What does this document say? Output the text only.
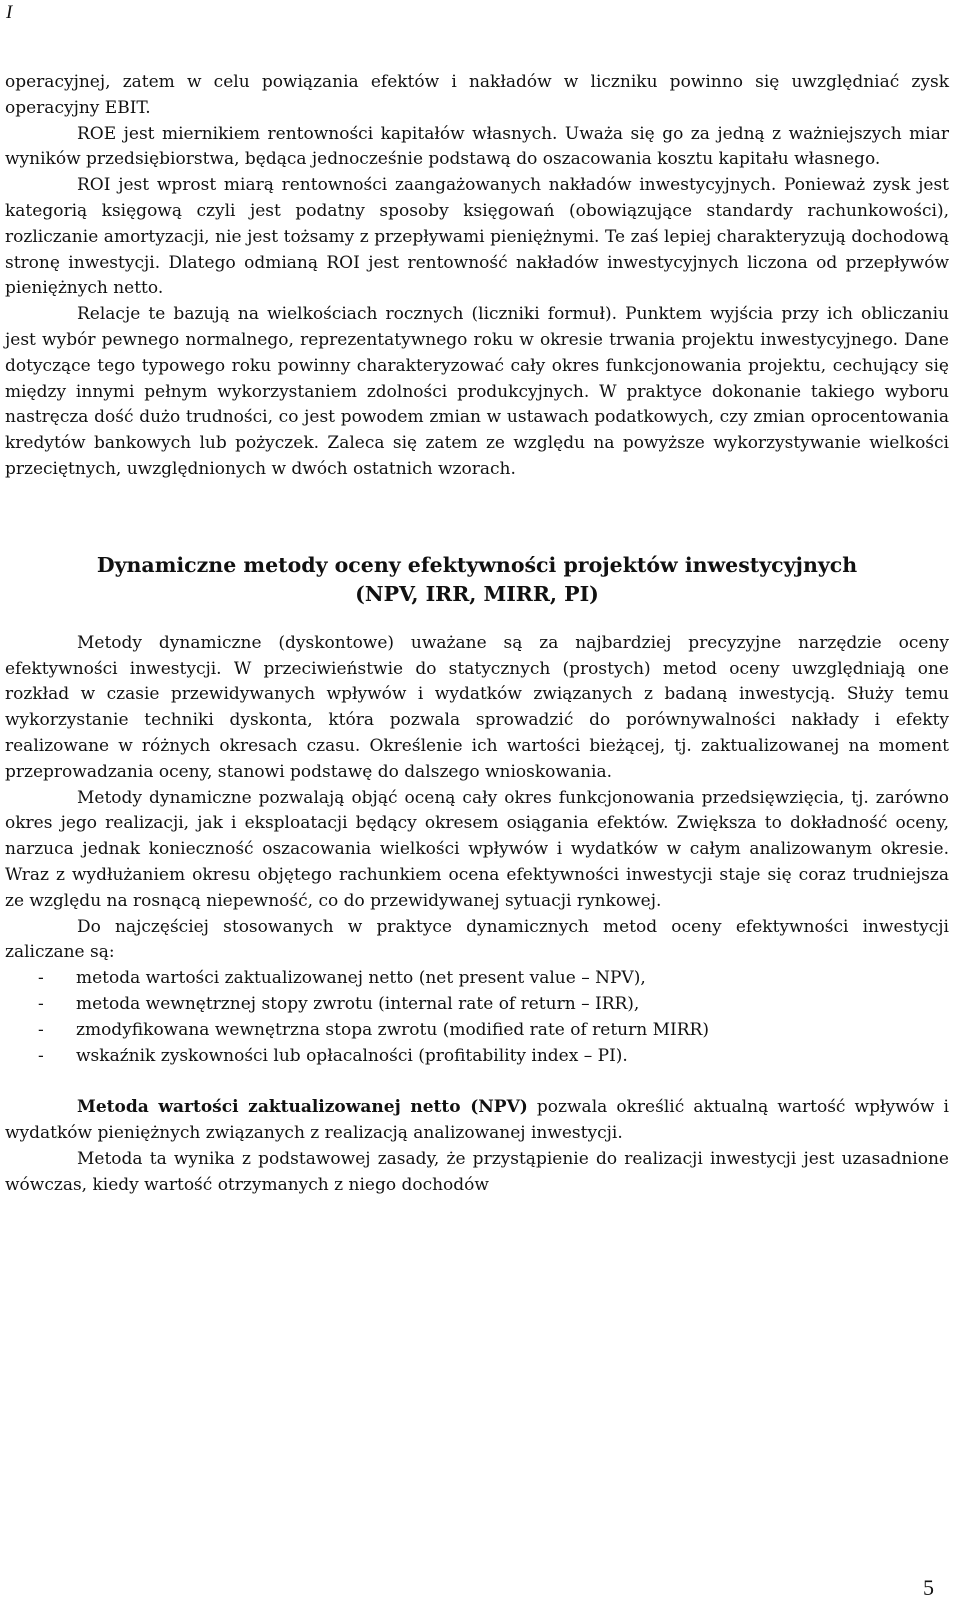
I

operacyjnej, zatem w celu powiązania efektów i nakładów w liczniku powinno się uwzględniać zysk operacyjny EBIT.

ROE jest miernikiem rentowności kapitałów własnych. Uważa się go za jedną z ważniejszych miar wyników przedsiębiorstwa, będąca jednocześnie podstawą do oszacowania kosztu kapitału własnego.

ROI jest wprost miarą rentowności zaangażowanych nakładów inwestycyjnych. Ponieważ zysk jest kategorią księgową czyli jest podatny sposoby księgowań (obowiązujące standardy rachunkowości), rozliczanie amortyzacji, nie jest tożsamy z przepływami pieniężnymi. Te zaś lepiej charakteryzują dochodową stronę inwestycji. Dlatego odmianą ROI jest rentowność nakładów inwestycyjnych liczona od przepływów pieniężnych netto.

Relacje te bazują na wielkościach rocznych (liczniki formuł). Punktem wyjścia przy ich obliczaniu jest wybór pewnego normalnego, reprezentatywnego roku w okresie trwania projektu inwestycyjnego. Dane dotyczące tego typowego roku powinny charakteryzować cały okres funkcjonowania projektu, cechujący się między innymi pełnym wykorzystaniem zdolności produkcyjnych. W praktyce dokonanie takiego wyboru nastręcza dość dużo trudności, co jest powodem zmian w ustawach podatkowych, czy zmian oprocentowania kredytów bankowych lub pożyczek. Zaleca się zatem ze względu na powyższe wykorzystywanie wielkości przeciętnych, uwzględnionych w dwóch ostatnich wzorach.

Dynamiczne metody oceny efektywności projektów inwestycyjnych
(NPV, IRR, MIRR, PI)

Metody dynamiczne (dyskontowe) uważane są za najbardziej precyzyjne narzędzie oceny efektywności inwestycji. W przeciwieństwie do statycznych (prostych) metod oceny uwzględniają one rozkład w czasie przewidywanych wpływów i wydatków związanych z badaną inwestycją. Służy temu wykorzystanie techniki dyskonta, która pozwala sprowadzić do porównywalności nakłady i efekty realizowane w różnych okresach czasu. Określenie ich wartości bieżącej, tj. zaktualizowanej na moment przeprowadzania oceny, stanowi podstawę do dalszego wnioskowania.

Metody dynamiczne pozwalają objąć oceną cały okres funkcjonowania przedsięwzięcia, tj. zarówno okres jego realizacji, jak i eksploatacji będący okresem osiągania efektów. Zwiększa to dokładność oceny, narzuca jednak konieczność oszacowania wielkości wpływów i wydatków w całym analizowanym okresie. Wraz z wydłużaniem okresu objętego rachunkiem ocena efektywności inwestycji staje się coraz trudniejsza ze względu na rosnącą niepewność, co do przewidywanej sytuacji rynkowej.

Do najczęściej stosowanych w praktyce dynamicznych metod oceny efektywności inwestycji zaliczane są:

- metoda wartości zaktualizowanej netto (net present value – NPV),
- metoda wewnętrznej stopy zwrotu (internal rate of return – IRR),
- zmodyfikowana wewnętrzna stopa zwrotu (modified rate of return MIRR)
- wskaźnik zyskowności lub opłacalności (profitability index – PI).

Metoda wartości zaktualizowanej netto (NPV) pozwala określić aktualną wartość wpływów i wydatków pieniężnych związanych z realizacją analizowanej inwestycji.

Metoda ta wynika z podstawowej zasady, że przystąpienie do realizacji inwestycji jest uzasadnione wówczas, kiedy wartość otrzymanych z niego dochodów

5
